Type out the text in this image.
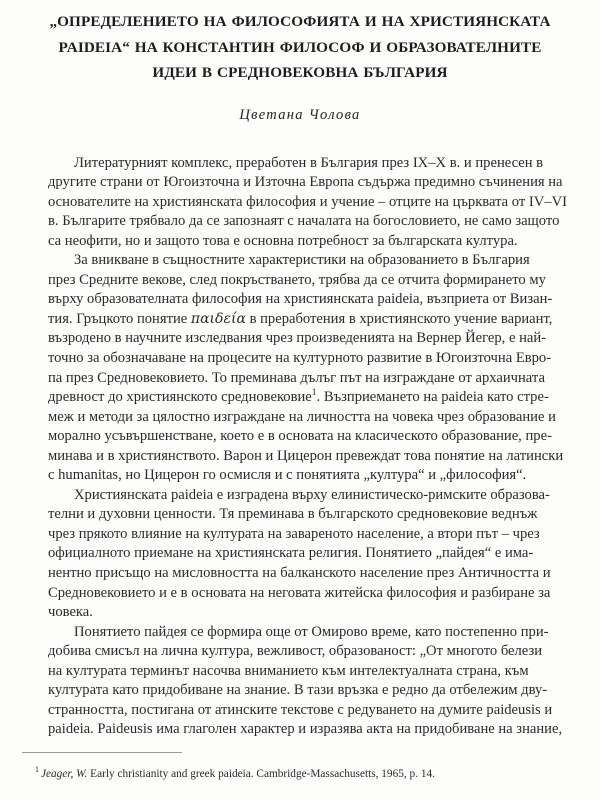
„ОПРЕДЕЛЕНИЕТО НА ФИЛОСОФИЯТА И НА ХРИСТИЯНСКАТА
PAIDEIA“ НА КОНСТАНТИН ФИЛОСОФ И ОБРАЗОВАТЕЛНИТЕ
ИДЕИ В СРЕДНОВЕКОВНА БЪЛГАРИЯ

Цветана Чолова

Литературният комплекс, преработен в България през IX–X в. и пренесен в
другите страни от Югоизточна и Източна Европа съдържа предимно съчинения на
основателите на християнската философия и учение – отците на църквата от IV–VI
в. Българите трябвало да се запознаят с началата на богословието, не само защото
са неофити, но и защото това е основна потребност за българската култура.

За вникване в същностните характеристики на образованието в България
през Средните векове, след покръстването, трябва да се отчита формирането му
върху образователната философия на християнската paideia, възприета от Визан-
тия. Гръцкото понятие παιδεία в преработения в християнското учение вариант,
възродено в научните изследвания чрез произведенията на Вернер Йегер, е най-
точно за обозначаване на процесите на културното развитие в Югоизточна Евро-
па през Средновековието. То преминава дълъг път на изграждане от архаичната
древност до християнското средновековие$^1$. Възприемането на paideia като стре-
меж и методи за цялостно изграждане на личността на човека чрез образование и
морално усъвършенстване, което е в основата на класическото образование, пре-
минава и в християнството. Варон и Цицерон превеждат това понятие на латински
с humanitas, но Цицерон го осмисля и с понятията „култура“ и „философия“.

Християнската paideia е изградена върху елинистическо-римските образова-
телни и духовни ценности. Тя преминава в българското средновековие веднъж
чрез прякото влияние на културата на завареното население, а втори път – чрез
официалното приемане на християнската религия. Понятието „пайдея“ е има-
нентно присъщо на мисловността на балканското население през Античността и
Средновековието и е в основата на неговата житейска философия и разбиране за
човека.

Понятието пайдея се формира още от Омирово време, като постепенно при-
добива смисъл на лична култура, вежливост, образованост: „От многото белези
на културата терминът насочва вниманието към интелектуалната страна, към
културата като придобиване на знание. В тази връзка е редно да отбележим дву-
странността, постигана от атинските текстове с редуването на думите paideusis и
paideia. Paideusis има глаголен характер и изразява акта на придобиване на знание,

$^1$ Jeager, W. Early christianity and greek paideia. Cambridge-Massachusetts, 1965, p. 14.
